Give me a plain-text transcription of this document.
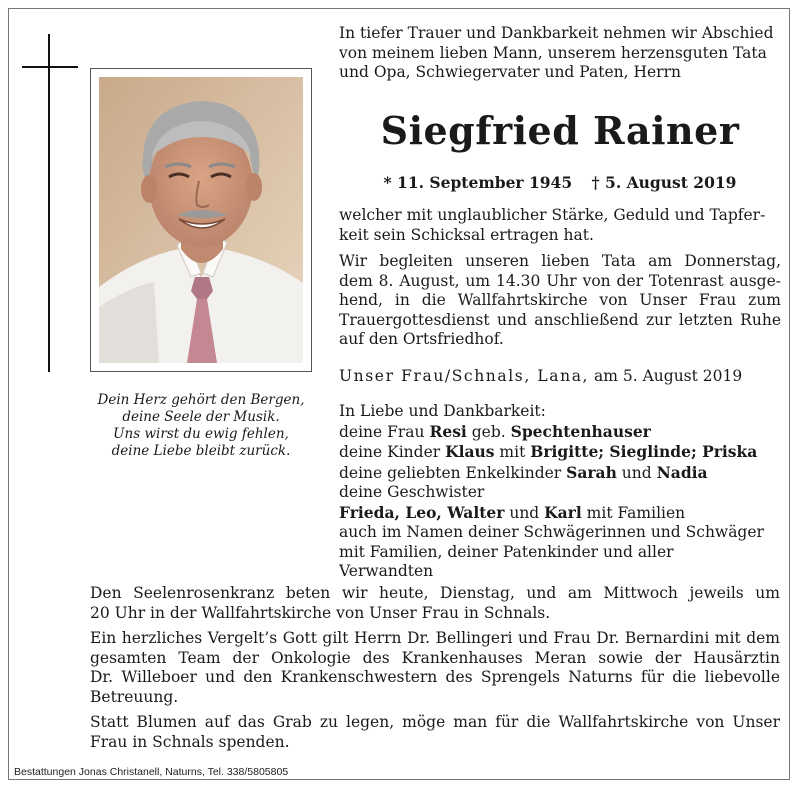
Dein Herz gehört den Bergen,
deine Seele der Musik.
Uns wirst du ewig fehlen,
deine Liebe bleibt zurück.
In tiefer Trauer und Dankbarkeit nehmen wir Abschied
von meinem lieben Mann, unserem herzensguten Tata
und Opa, Schwiegervater und Paten, Herrn
Siegfried Rainer
* 11. September 1945 † 5. August 2019
welcher mit unglaublicher Stärke, Geduld und Tapfer-
keit sein Schicksal ertragen hat.
Wir begleiten unseren lieben Tata am Donnerstag,
dem 8. August, um 14.30 Uhr von der Totenrast ausge-
hend, in die Wallfahrtskirche von Unser Frau zum
Trauergottesdienst und anschließend zur letzten Ruhe
auf den Ortsfriedhof.
Unser Frau/Schnals, Lana, am 5. August 2019
In Liebe und Dankbarkeit:
deine Frau Resi geb. Spechtenhauser
deine Kinder Klaus mit Brigitte; Sieglinde; Priska
deine geliebten Enkelkinder Sarah und Nadia
deine Geschwister
Frieda, Leo, Walter und Karl mit Familien
auch im Namen deiner Schwägerinnen und Schwäger
mit Familien, deiner Patenkinder und aller
Verwandten
Den Seelenrosenkranz beten wir heute, Dienstag, und am Mittwoch jeweils um
20 Uhr in der Wallfahrtskirche von Unser Frau in Schnals.
Ein herzliches Vergelt’s Gott gilt Herrn Dr. Bellingeri und Frau Dr. Bernardini mit dem
gesamten Team der Onkologie des Krankenhauses Meran sowie der Hausärztin
Dr. Willeboer und den Krankenschwestern des Sprengels Naturns für die liebevolle
Betreuung.
Statt Blumen auf das Grab zu legen, möge man für die Wallfahrtskirche von Unser
Frau in Schnals spenden.
Bestattungen Jonas Christanell, Naturns, Tel. 338/5805805
